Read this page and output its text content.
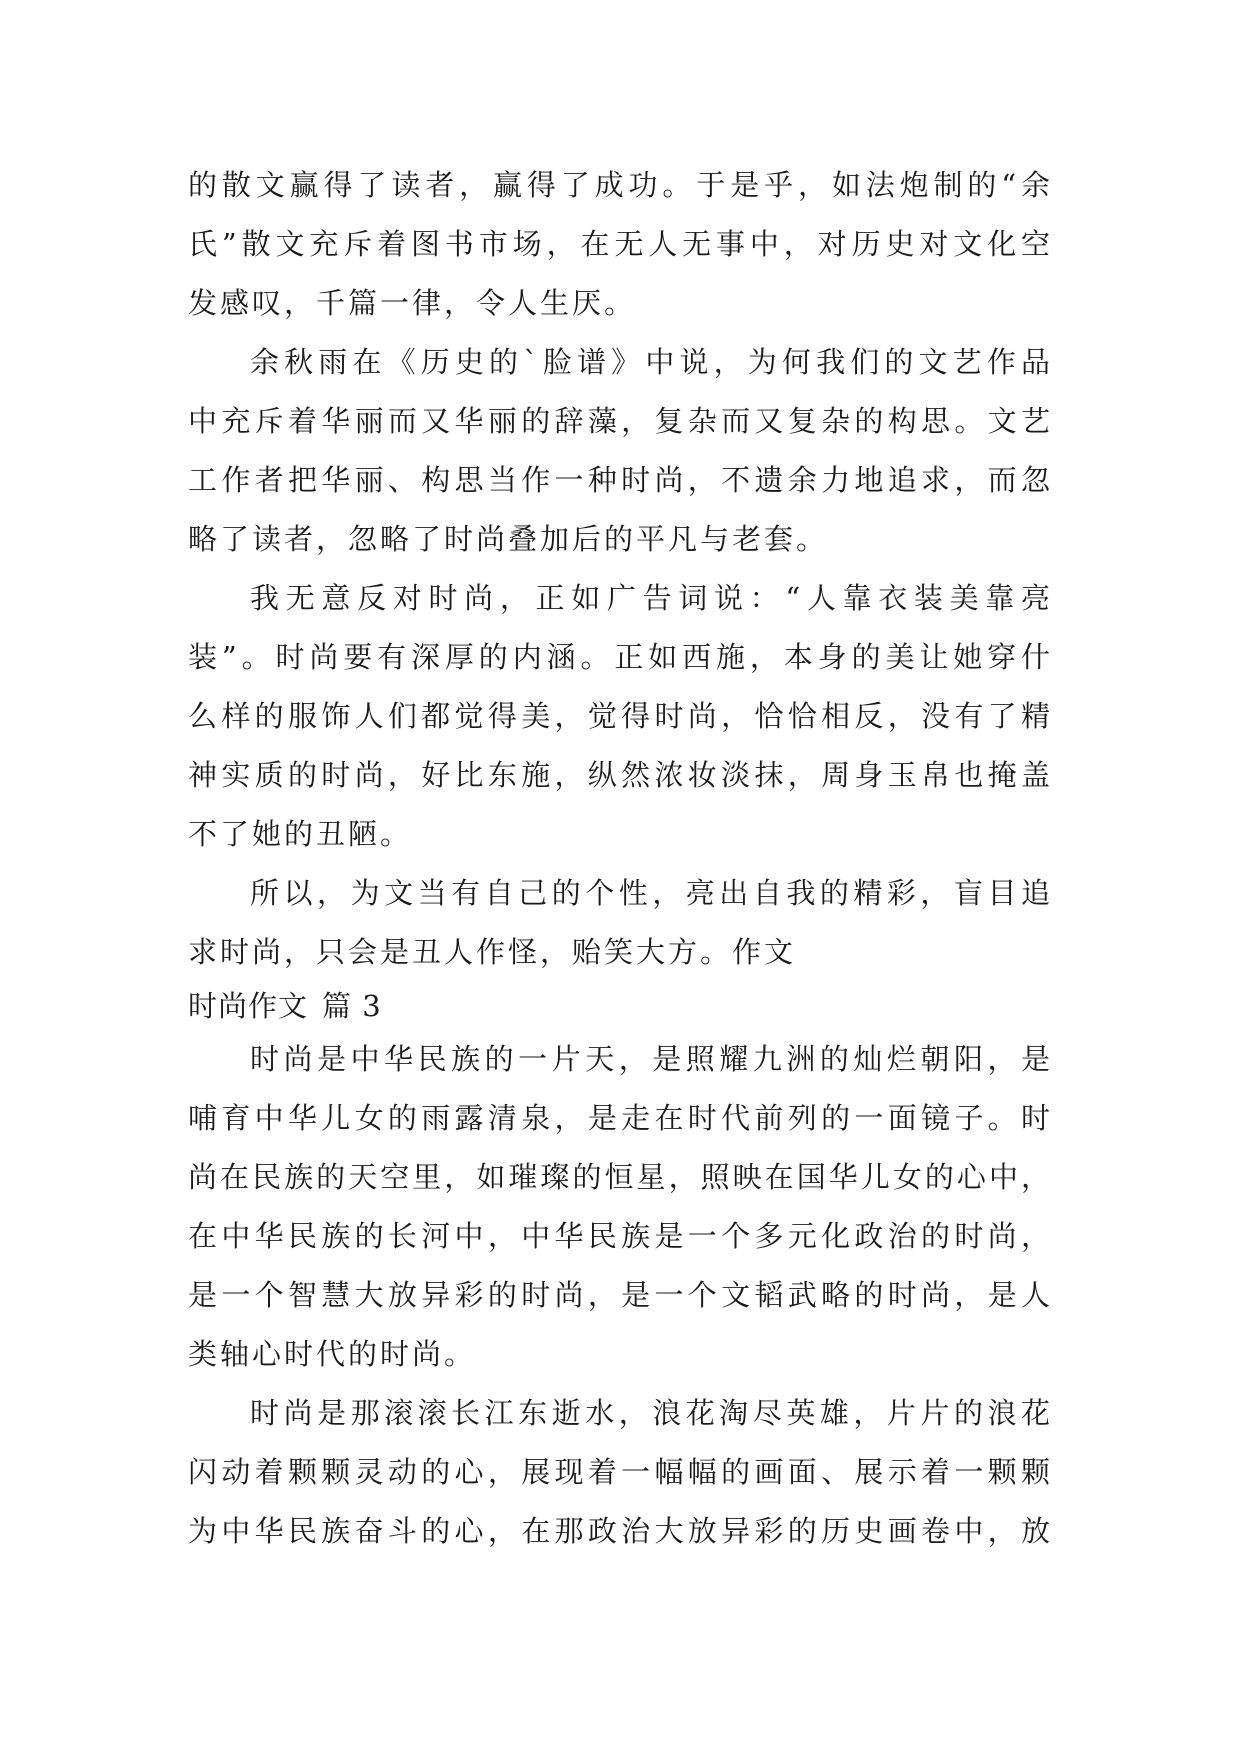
的散文赢得了读者，赢得了成功。于是乎，如法炮制的“余
氏”散文充斥着图书市场，在无人无事中，对历史对文化空
发感叹，千篇一律，令人生厌。
余秋雨在《历史的`脸谱》中说，为何我们的文艺作品
中充斥着华丽而又华丽的辞藻，复杂而又复杂的构思。文艺
工作者把华丽、构思当作一种时尚，不遗余力地追求，而忽
略了读者，忽略了时尚叠加后的平凡与老套。
我无意反对时尚，正如广告词说：“人靠衣装美靠亮
装”。时尚要有深厚的内涵。正如西施，本身的美让她穿什
么样的服饰人们都觉得美，觉得时尚，恰恰相反，没有了精
神实质的时尚，好比东施，纵然浓妆淡抹，周身玉帛也掩盖
不了她的丑陋。
所以，为文当有自己的个性，亮出自我的精彩，盲目追
求时尚，只会是丑人作怪，贻笑大方。作文
时尚作文 篇 3
时尚是中华民族的一片天，是照耀九洲的灿烂朝阳，是
哺育中华儿女的雨露清泉，是走在时代前列的一面镜子。时
尚在民族的天空里，如璀璨的恒星，照映在国华儿女的心中，
在中华民族的长河中，中华民族是一个多元化政治的时尚，
是一个智慧大放异彩的时尚，是一个文韬武略的时尚，是人
类轴心时代的时尚。
时尚是那滚滚长江东逝水，浪花淘尽英雄，片片的浪花
闪动着颗颗灵动的心，展现着一幅幅的画面、展示着一颗颗
为中华民族奋斗的心，在那政治大放异彩的历史画卷中，放
